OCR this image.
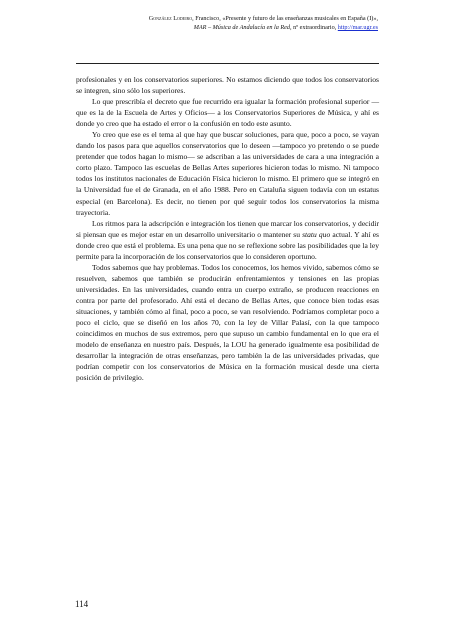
González Lodeiro, Francisco, «Presente y futuro de las enseñanzas musicales en España (I)»,
MAR – Música de Andalucía en la Red, nº extraordinario, http://mar.ugr.es

profesionales y en los conservatorios superiores. No estamos diciendo que todos los conservatorios se integren, sino sólo los superiores.

Lo que prescribía el decreto que fue recurrido era igualar la formación profesional superior —que es la de la Escuela de Artes y Oficios— a los Conservatorios Superiores de Música, y ahí es donde yo creo que ha estado el error o la confusión en todo este asunto.

Yo creo que ese es el tema al que hay que buscar soluciones, para que, poco a poco, se vayan dando los pasos para que aquellos conservatorios que lo deseen —tampoco yo pretendo o se puede pretender que todos hagan lo mismo— se adscriban a las universidades de cara a una integración a corto plazo. Tampoco las escuelas de Bellas Artes superiores hicieron todas lo mismo. Ni tampoco todos los institutos nacionales de Educación Física hicieron lo mismo. El primero que se integró en la Universidad fue el de Granada, en el año 1988. Pero en Cataluña siguen todavía con un estatus especial (en Barcelona). Es decir, no tienen por qué seguir todos los conservatorios la misma trayectoria.

Los ritmos para la adscripción e integración los tienen que marcar los conservatorios, y decidir si piensan que es mejor estar en un desarrollo universitario o mantener su statu quo actual. Y ahí es donde creo que está el problema. Es una pena que no se reflexione sobre las posibilidades que la ley permite para la incorporación de los conservatorios que lo consideren oportuno.

Todos sabemos que hay problemas. Todos los conocemos, los hemos vivido, sabemos cómo se resuelven, sabemos que también se producirán enfrentamientos y tensiones en las propias universidades. En las universidades, cuando entra un cuerpo extraño, se producen reacciones en contra por parte del profesorado. Ahí está el decano de Bellas Artes, que conoce bien todas esas situaciones, y también cómo al final, poco a poco, se van resolviendo. Podríamos completar poco a poco el ciclo, que se diseñó en los años 70, con la ley de Villar Palasí, con la que tampoco coincidimos en muchos de sus extremos, pero que supuso un cambio fundamental en lo que era el modelo de enseñanza en nuestro país. Después, la LOU ha generado igualmente esa posibilidad de desarrollar la integración de otras enseñanzas, pero también la de las universidades privadas, que podrían competir con los conservatorios de Música en la formación musical desde una cierta posición de privilegio.

114
